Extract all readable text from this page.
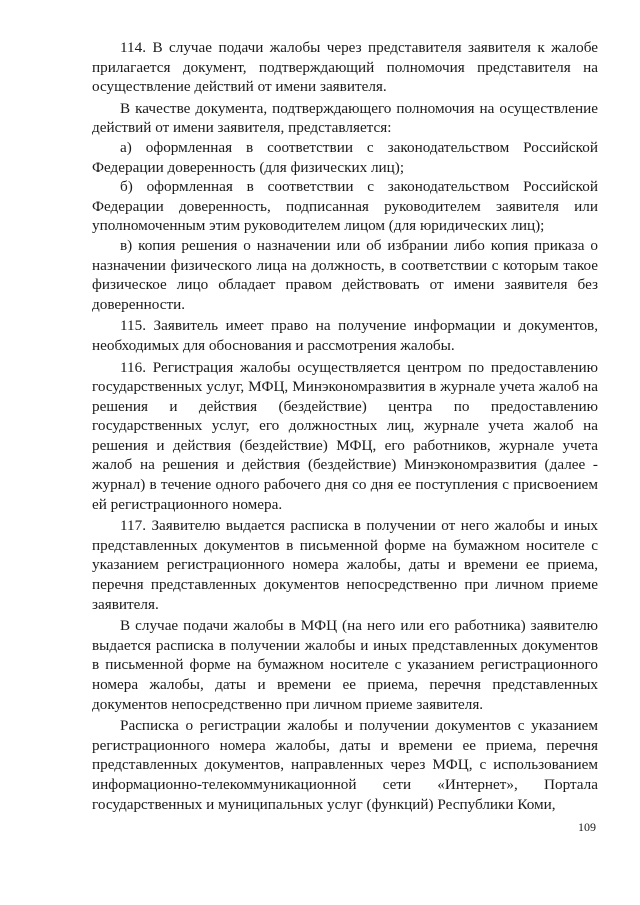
114. В случае подачи жалобы через представителя заявителя к жалобе прилагается документ, подтверждающий полномочия представителя на осуществление действий от имени заявителя.

В качестве документа, подтверждающего полномочия на осуществление действий от имени заявителя, представляется:

а) оформленная в соответствии с законодательством Российской Федерации доверенность (для физических лиц);

б) оформленная в соответствии с законодательством Российской Федерации доверенность, подписанная руководителем заявителя или уполномоченным этим руководителем лицом (для юридических лиц);

в) копия решения о назначении или об избрании либо копия приказа о назначении физического лица на должность, в соответствии с которым такое физическое лицо обладает правом действовать от имени заявителя без доверенности.

115. Заявитель имеет право на получение информации и документов, необходимых для обоснования и рассмотрения жалобы.

116. Регистрация жалобы осуществляется центром по предоставлению государственных услуг, МФЦ, Минэкономразвития в журнале учета жалоб на решения и действия (бездействие) центра по предоставлению государственных услуг, его должностных лиц, журнале учета жалоб на решения и действия (бездействие) МФЦ, его работников, журнале учета жалоб на решения и действия (бездействие) Минэкономразвития (далее - журнал) в течение одного рабочего дня со дня ее поступления с присвоением ей регистрационного номера.

117. Заявителю выдается расписка в получении от него жалобы и иных представленных документов в письменной форме на бумажном носителе с указанием регистрационного номера жалобы, даты и времени ее приема, перечня представленных документов непосредственно при личном приеме заявителя.

В случае подачи жалобы в МФЦ (на него или его работника) заявителю выдается расписка в получении жалобы и иных представленных документов в письменной форме на бумажном носителе с указанием регистрационного номера жалобы, даты и времени ее приема, перечня представленных документов непосредственно при личном приеме заявителя.

Расписка о регистрации жалобы и получении документов с указанием регистрационного номера жалобы, даты и времени ее приема, перечня представленных документов, направленных через МФЦ, с использованием информационно-телекоммуникационной сети «Интернет», Портала государственных и муниципальных услуг (функций) Республики Коми,

109
